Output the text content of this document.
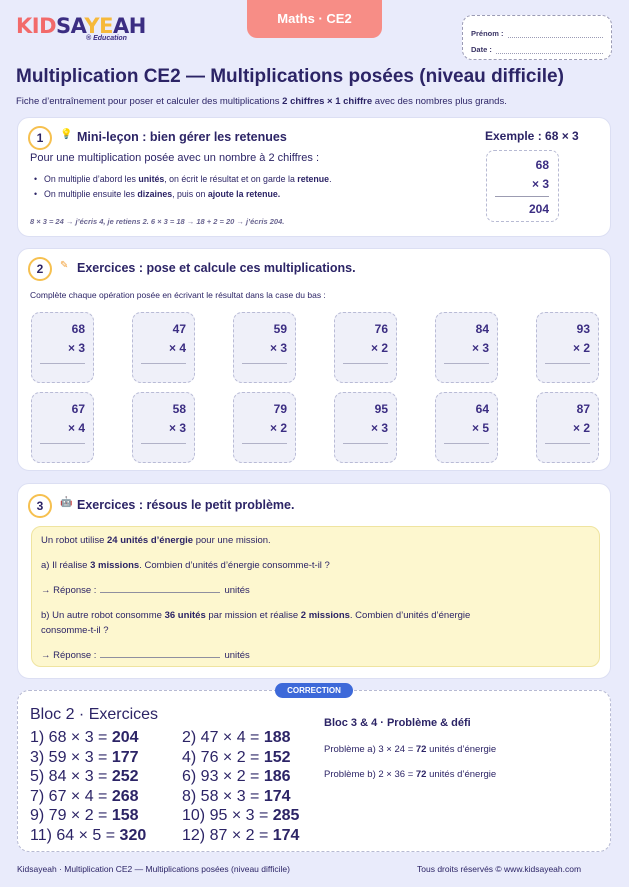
KIDSAYEAH
® Education
Maths · CE2
Prénom :
Date :
Multiplication CE2 — Multiplications posées (niveau difficile)
Fiche d’entraînement pour poser et calculer des multiplications 2 chiffres × 1 chiffre avec des nombres plus grands.
1	💡 Mini-leçon : bien gérer les retenues
Pour une multiplication posée avec un nombre à 2 chiffres :
• On multiplie d’abord les unités, on écrit le résultat et on garde la retenue.
• On multiplie ensuite les dizaines, puis on ajoute la retenue.
8 × 3 = 24 → j’écris 4, je retiens 2. 6 × 3 = 18 → 18 + 2 = 20 → j’écris 204.
Exemple : 68 × 3
68
× 3
204
2	✎ Exercices : pose et calcule ces multiplications.
Complète chaque opération posée en écrivant le résultat dans la case du bas :
68
× 3
47
× 4
59
× 3
76
× 2
84
× 3
93
× 2
67
× 4
58
× 3
79
× 2
95
× 3
64
× 5
87
× 2
3	🤖 Exercices : résous le petit problème.

Un robot utilise 24 unités d’énergie pour une mission.

a) Il réalise 3 missions. Combien d’unités d’énergie consomme-t-il ?

→ Réponse :	unités

b) Un autre robot consomme 36 unités par mission et réalise 2 missions. Combien d’unités d’énergie
consomme-t-il ?

→ Réponse :	unités

CORRECTION
Bloc 2 · Exercices	Bloc 3 & 4 · Problème & défi
Problème a) 3 × 24 = 72 unités d’énergie
Problème b) 2 × 36 = 72 unités d’énergie
Kidsayeah · Multiplication CE2 — Multiplications posées (niveau difficile)	Tous droits réservés © www.kidsayeah.com
1) 68 × 3 = 204
3) 59 × 3 = 177
5) 84 × 3 = 252
7) 67 × 4 = 268
9) 79 × 2 = 158
11) 64 × 5 = 320
2) 47 × 4 = 188
4) 76 × 2 = 152
6) 93 × 2 = 186
8) 58 × 3 = 174
10) 95 × 3 = 285
12) 87 × 2 = 174
